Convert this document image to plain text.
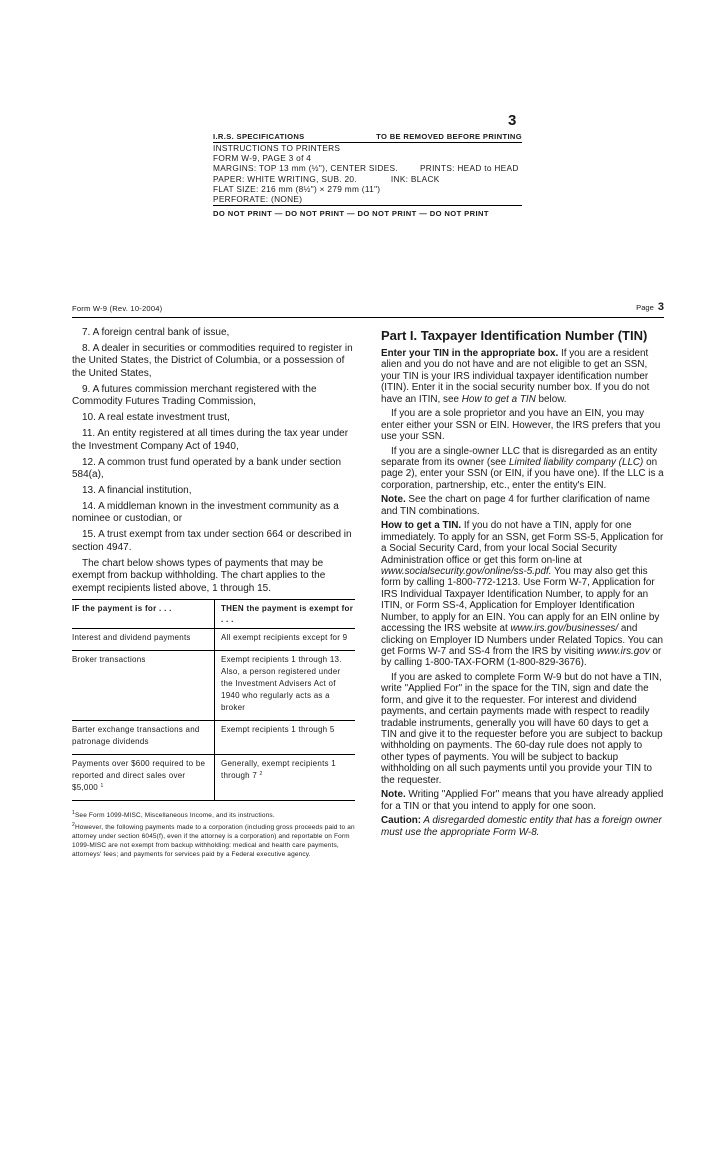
3
I.R.S. SPECIFICATIONS	TO BE REMOVED BEFORE PRINTING
INSTRUCTIONS TO PRINTERS
FORM W-9, PAGE 3 of 4
MARGINS: TOP 13 mm (½"), CENTER SIDES.	PRINTS: HEAD to HEAD
PAPER: WHITE WRITING, SUB. 20.	INK: BLACK
FLAT SIZE: 216 mm (8½") × 279 mm (11")
PERFORATE: (NONE)
DO NOT PRINT — DO NOT PRINT — DO NOT PRINT — DO NOT PRINT
Form W-9 (Rev. 10-2004)	Page 3

7. A foreign central bank of issue,

8. A dealer in securities or commodities required to register in the United States, the District of Columbia, or a possession of the United States,

9. A futures commission merchant registered with the Commodity Futures Trading Commission,

10. A real estate investment trust,

11. An entity registered at all times during the tax year under the Investment Company Act of 1940,

12. A common trust fund operated by a bank under section 584(a),

13. A financial institution,

14. A middleman known in the investment community as a nominee or custodian, or

15. A trust exempt from tax under section 664 or described in section 4947.

The chart below shows types of payments that may be exempt from backup withholding. The chart applies to the exempt recipients listed above, 1 through 15.

IF the payment is for . . .	THEN the payment is exempt for . . .
Interest and dividend payments	All exempt recipients except for 9
Broker transactions	Exempt recipients 1 through 13. Also, a person registered under the Investment Advisers Act of 1940 who regularly acts as a broker
Barter exchange transactions and patronage dividends	Exempt recipients 1 through 5
Payments over $600 required to be reported and direct sales over $5,000 $^1$	Generally, exempt recipients 1 through 7 $^2$

$^1$See Form 1099-MISC, Miscellaneous Income, and its instructions.

$^2$However, the following payments made to a corporation (including gross proceeds paid to an attorney under section 6045(f), even if the attorney is a corporation) and reportable on Form 1099-MISC are not exempt from backup withholding: medical and health care payments, attorneys' fees; and payments for services paid by a Federal executive agency.

Part I. Taxpayer Identification Number (TIN)

Enter your TIN in the appropriate box. If you are a resident alien and you do not have and are not eligible to get an SSN, your TIN is your IRS individual taxpayer identification number (ITIN). Enter it in the social security number box. If you do not have an ITIN, see How to get a TIN below.

If you are a sole proprietor and you have an EIN, you may enter either your SSN or EIN. However, the IRS prefers that you use your SSN.

If you are a single-owner LLC that is disregarded as an entity separate from its owner (see Limited liability company (LLC) on page 2), enter your SSN (or EIN, if you have one). If the LLC is a corporation, partnership, etc., enter the entity's EIN.

Note. See the chart on page 4 for further clarification of name and TIN combinations.

How to get a TIN. If you do not have a TIN, apply for one immediately. To apply for an SSN, get Form SS-5, Application for a Social Security Card, from your local Social Security Administration office or get this form on-line at www.socialsecurity.gov/online/ss-5.pdf. You may also get this form by calling 1-800-772-1213. Use Form W-7, Application for IRS Individual Taxpayer Identification Number, to apply for an ITIN, or Form SS-4, Application for Employer Identification Number, to apply for an EIN. You can apply for an EIN online by accessing the IRS website at www.irs.gov/businesses/ and clicking on Employer ID Numbers under Related Topics. You can get Forms W-7 and SS-4 from the IRS by visiting www.irs.gov or by calling 1-800-TAX-FORM (1-800-829-3676).

If you are asked to complete Form W-9 but do not have a TIN, write "Applied For" in the space for the TIN, sign and date the form, and give it to the requester. For interest and dividend payments, and certain payments made with respect to readily tradable instruments, generally you will have 60 days to get a TIN and give it to the requester before you are subject to backup withholding on payments. The 60-day rule does not apply to other types of payments. You will be subject to backup withholding on all such payments until you provide your TIN to the requester.

Note. Writing "Applied For" means that you have already applied for a TIN or that you intend to apply for one soon.

Caution: A disregarded domestic entity that has a foreign owner must use the appropriate Form W-8.
